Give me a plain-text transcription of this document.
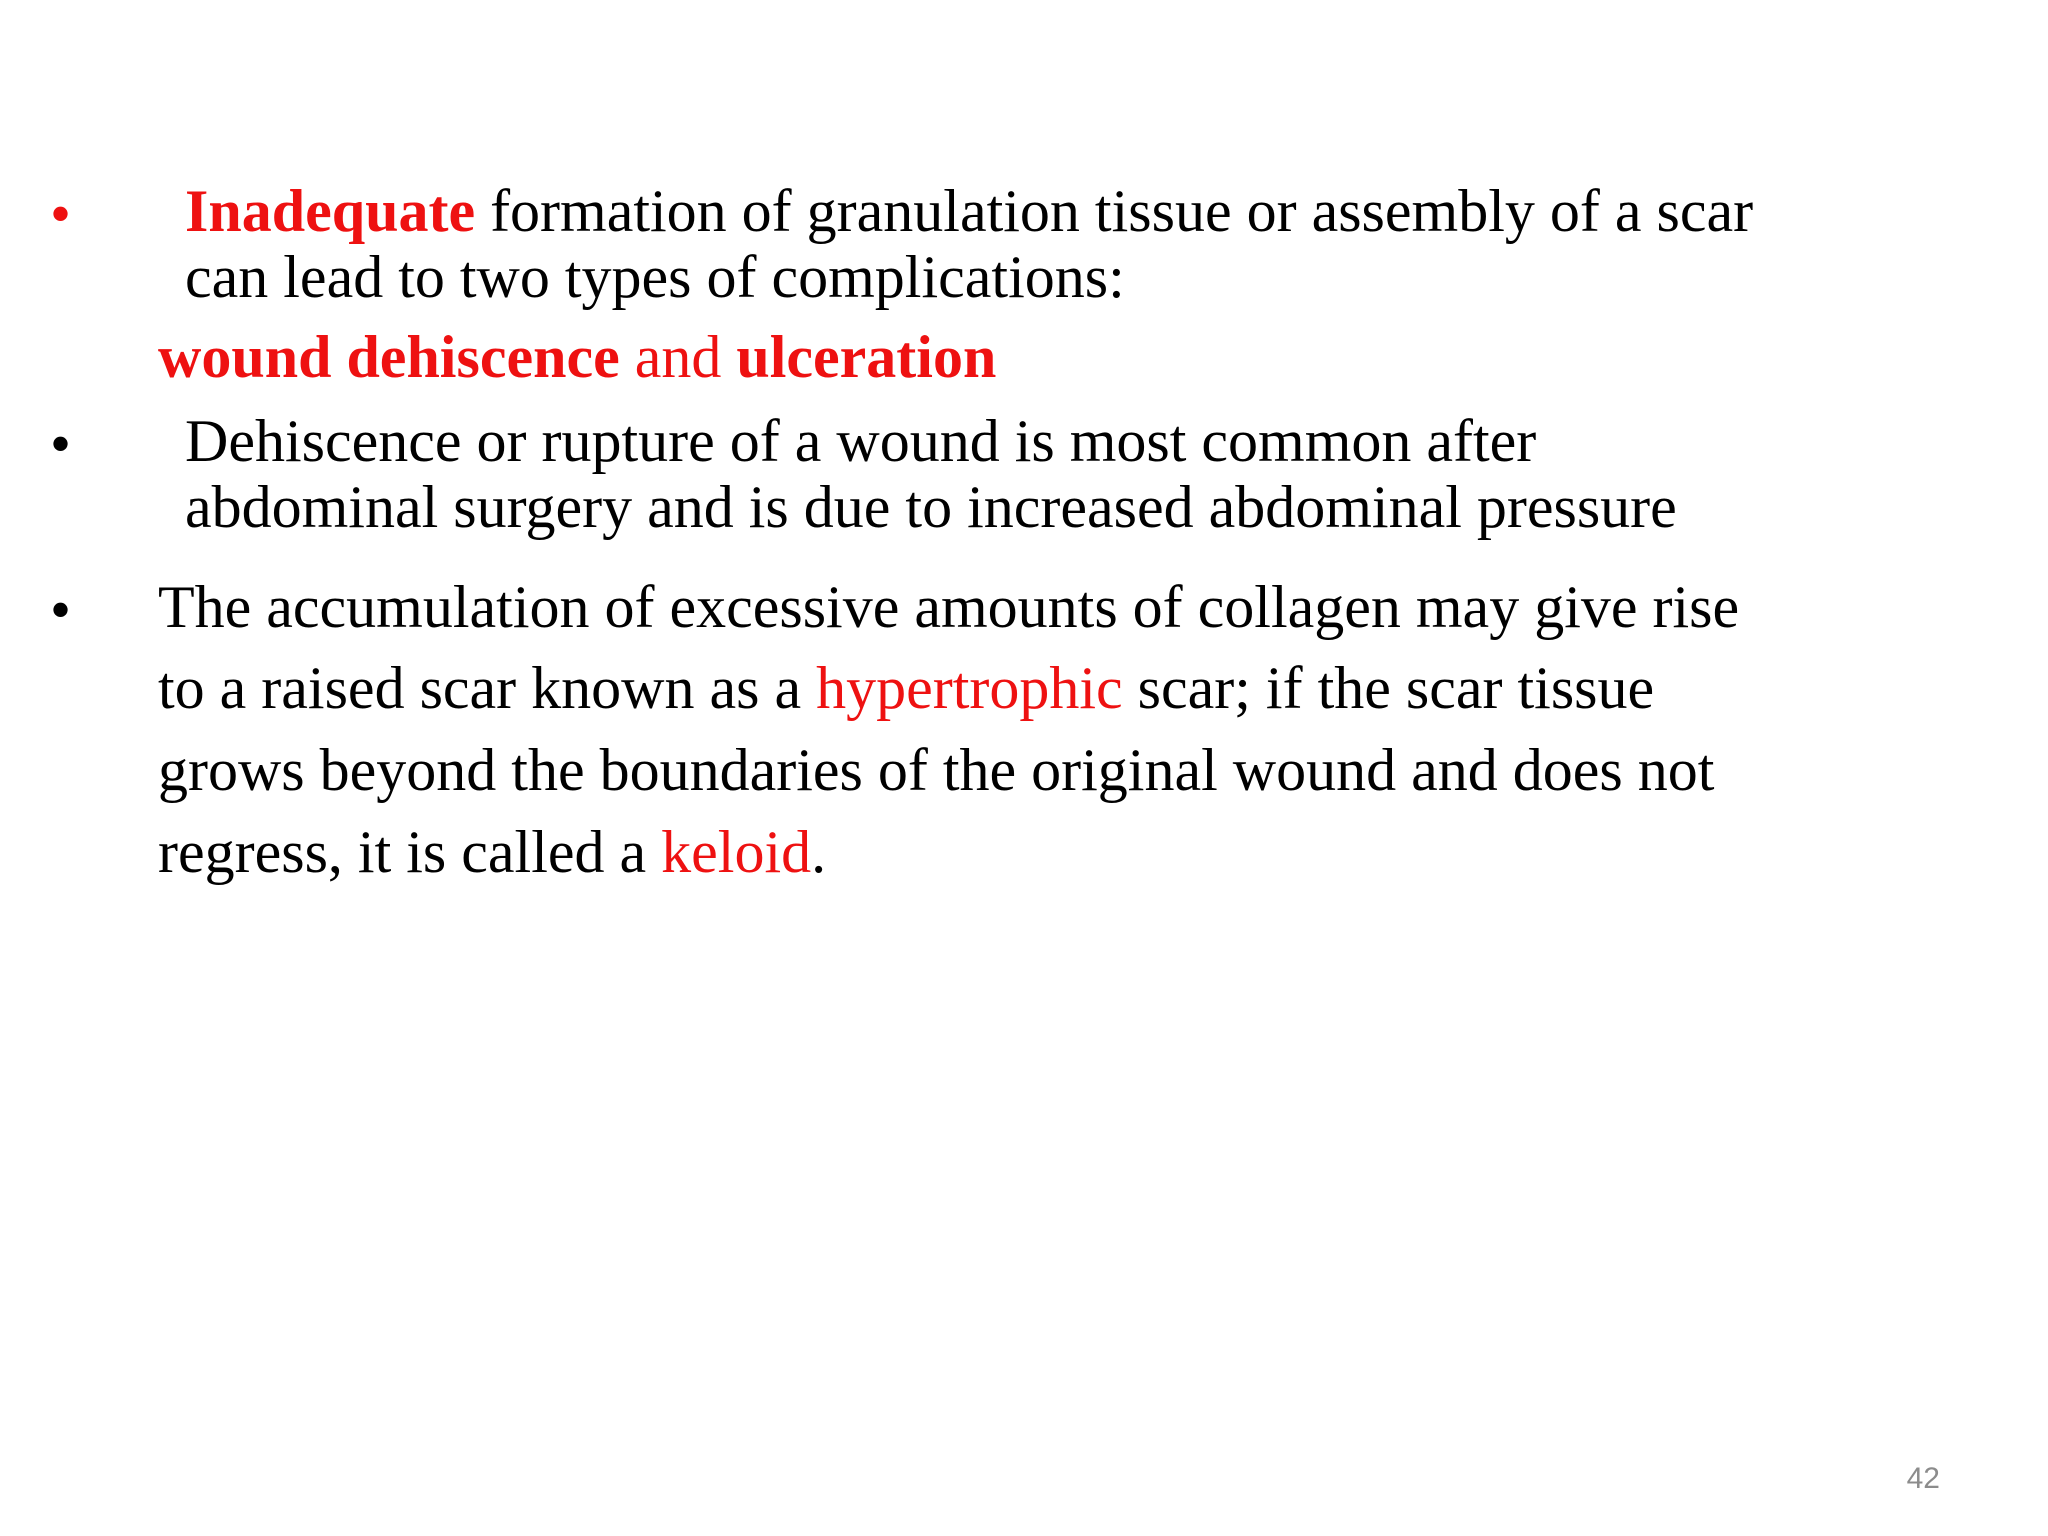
• Inadequate formation of granulation tissue or assembly of a scar
can lead to two types of complications:
wound dehiscence and ulceration
• Dehiscence or rupture of a wound is most common after
abdominal surgery and is due to increased abdominal pressure
• The accumulation of excessive amounts of collagen may give rise
to a raised scar known as a hypertrophic scar; if the scar tissue
grows beyond the boundaries of the original wound and does not
regress, it is called a keloid.
42
